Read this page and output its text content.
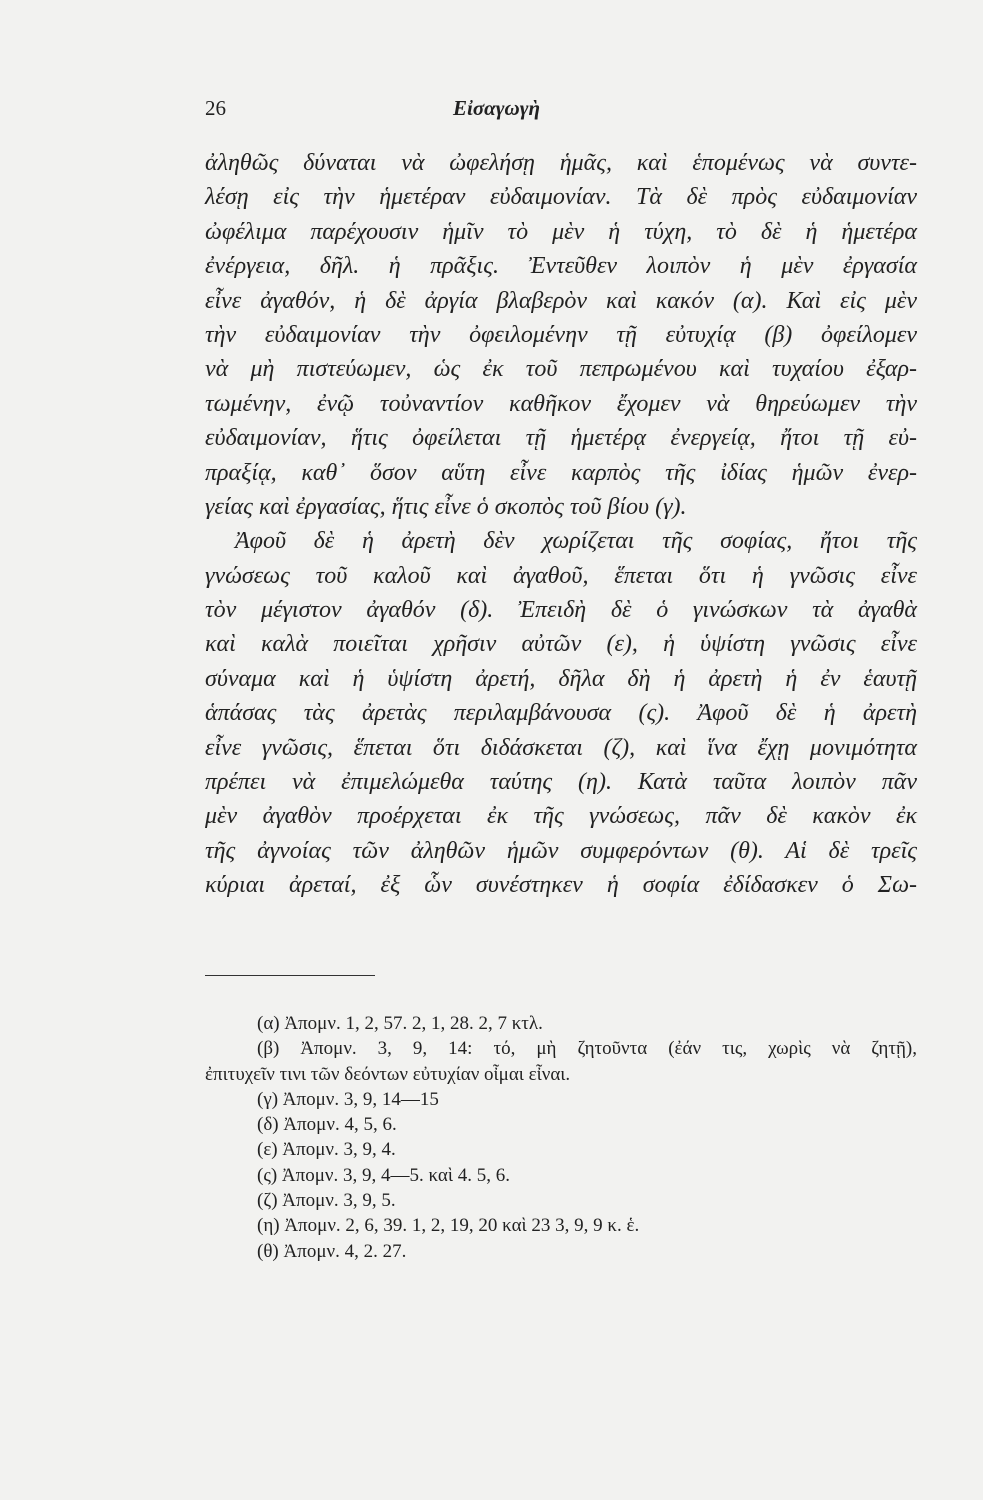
26	Εἰσαγωγὴ
ἀληθῶς δύναται νὰ ὠφελήσῃ ἡμᾶς, καὶ ἑπομένως νὰ συντε-
λέσῃ εἰς τὴν ἡμετέραν εὐδαιμονίαν. Τὰ δὲ πρὸς εὐδαιμονίαν
ὠφέλιμα παρέχουσιν ἡμῖν τὸ μὲν ἡ τύχη, τὸ δὲ ἡ ἡμετέρα
ἐνέργεια, δῆλ. ἡ πρᾶξις. Ἐντεῦθεν λοιπὸν ἡ μὲν ἐργασία
εἶνε ἀγαθόν, ἡ δὲ ἀργία βλαβερὸν καὶ κακόν (α). Καὶ εἰς μὲν
τὴν εὐδαιμονίαν τὴν ὀφειλομένην τῇ εὐτυχίᾳ (β) ὀφείλομεν
νὰ μὴ πιστεύωμεν, ὡς ἐκ τοῦ πεπρωμένου καὶ τυχαίου ἐξαρ-
τωμένην, ἐνῷ τοὐναντίον καθῆκον ἔχομεν νὰ θηρεύωμεν τὴν
εὐδαιμονίαν, ἥτις ὀφείλεται τῇ ἡμετέρᾳ ἐνεργείᾳ, ἤτοι τῇ εὐ-
πραξίᾳ, καθ᾽ ὅσον αὕτη εἶνε καρπὸς τῆς ἰδίας ἡμῶν ἐνερ-
γείας καὶ ἐργασίας, ἥτις εἶνε ὁ σκοπὸς τοῦ βίου (γ).
Ἀφοῦ δὲ ἡ ἀρετὴ δὲν χωρίζεται τῆς σοφίας, ἤτοι τῆς
γνώσεως τοῦ καλοῦ καὶ ἀγαθοῦ, ἕπεται ὅτι ἡ γνῶσις εἶνε
τὸν μέγιστον ἀγαθόν (δ). Ἐπειδὴ δὲ ὁ γινώσκων τὰ ἀγαθὰ
καὶ καλὰ ποιεῖται χρῆσιν αὐτῶν (ε), ἡ ὑψίστη γνῶσις εἶνε
σύναμα καὶ ἡ ὑψίστη ἀρετή, δῆλα δὴ ἡ ἀρετὴ ἡ ἐν ἑαυτῇ
ἁπάσας τὰς ἀρετὰς περιλαμβάνουσα (ς). Ἀφοῦ δὲ ἡ ἀρετὴ
εἶνε γνῶσις, ἕπεται ὅτι διδάσκεται (ζ), καὶ ἵνα ἔχῃ μονιμότητα
πρέπει νὰ ἐπιμελώμεθα ταύτης (η). Κατὰ ταῦτα λοιπὸν πᾶν
μὲν ἀγαθὸν προέρχεται ἐκ τῆς γνώσεως, πᾶν δὲ κακὸν ἐκ
τῆς ἀγνοίας τῶν ἀληθῶν ἡμῶν συμφερόντων (θ). Αἱ δὲ τρεῖς
κύριαι ἀρεταί, ἐξ ὧν συνέστηκεν ἡ σοφία ἐδίδασκεν ὁ Σω-
(α) Ἀπομν. 1, 2, 57. 2, 1, 28. 2, 7 κτλ.
(β) Ἀπομν. 3, 9, 14: τό, μὴ ζητοῦντα (ἐάν τις, χωρὶς νὰ ζητῇ),
ἐπιτυχεῖν τινι τῶν δεόντων εὐτυχίαν οἶμαι εἶναι.
(γ) Ἀπομν. 3, 9, 14—15
(δ) Ἀπομν. 4, 5, 6.
(ε) Ἀπομν. 3, 9, 4.
(ς) Ἀπομν. 3, 9, 4—5. καὶ 4. 5, 6.
(ζ) Ἀπομν. 3, 9, 5.
(η) Ἀπομν. 2, 6, 39. 1, 2, 19, 20 καὶ 23 3, 9, 9 κ. ἑ.
(θ) Ἀπομν. 4, 2. 27.
